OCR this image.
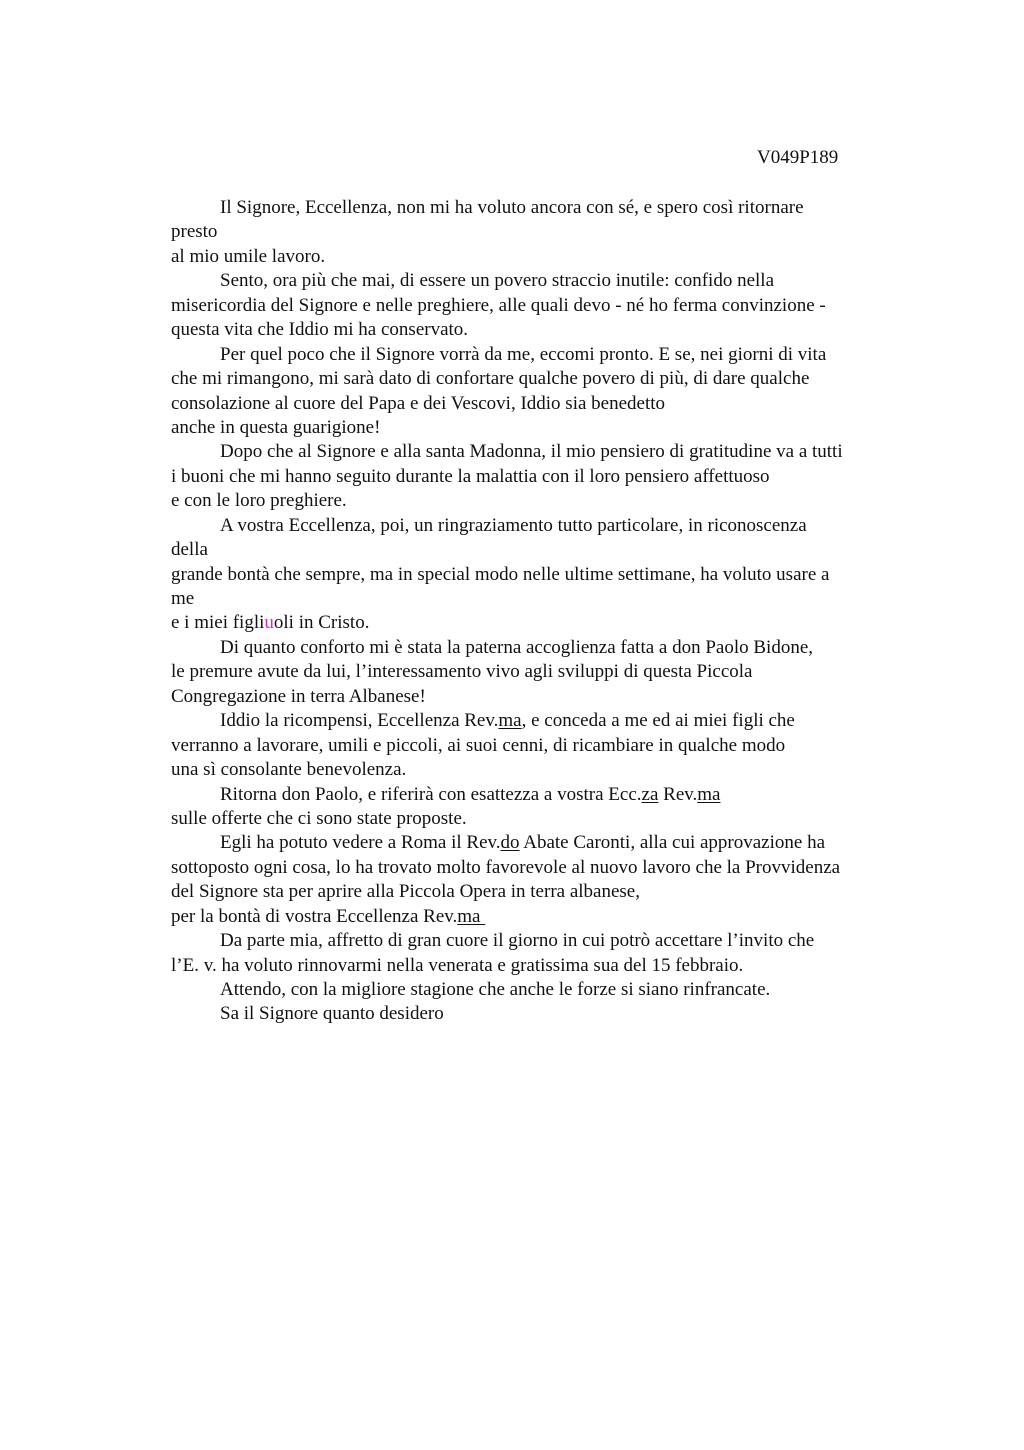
V049P189
Il Signore, Eccellenza, non mi ha voluto ancora con sé, e spero così ritornare
presto
al mio umile lavoro.
Sento, ora più che mai, di essere un povero straccio inutile: confido nella
misericordia del Signore e nelle preghiere, alle quali devo - né ho ferma convinzione -
questa vita che Iddio mi ha conservato.
Per quel poco che il Signore vorrà da me, eccomi pronto. E se, nei giorni di vita
che mi rimangono, mi sarà dato di confortare qualche povero di più, di dare qualche
consolazione al cuore del Papa e dei Vescovi, Iddio sia benedetto
anche in questa guarigione!
Dopo che al Signore e alla santa Madonna, il mio pensiero di gratitudine va a tutti
i buoni che mi hanno seguito durante la malattia con il loro pensiero affettuoso
e con le loro preghiere.
A vostra Eccellenza, poi, un ringraziamento tutto particolare, in riconoscenza
della
grande bontà che sempre, ma in special modo nelle ultime settimane, ha voluto usare a
me
e i miei figliuoli in Cristo.
Di quanto conforto mi è stata la paterna accoglienza fatta a don Paolo Bidone,
le premure avute da lui, l’interessamento vivo agli sviluppi di questa Piccola
Congregazione in terra Albanese!
Iddio la ricompensi, Eccellenza Rev.ma, e conceda a me ed ai miei figli che
verranno a lavorare, umili e piccoli, ai suoi cenni, di ricambiare in qualche modo
una sì consolante benevolenza.
Ritorna don Paolo, e riferirà con esattezza a vostra Ecc.za Rev.ma
sulle offerte che ci sono state proposte.
Egli ha potuto vedere a Roma il Rev.do Abate Caronti, alla cui approvazione ha
sottoposto ogni cosa, lo ha trovato molto favorevole al nuovo lavoro che la Provvidenza
del Signore sta per aprire alla Piccola Opera in terra albanese,
per la bontà di vostra Eccellenza Rev.ma
Da parte mia, affretto di gran cuore il giorno in cui potrò accettare l’invito che
l’E. v. ha voluto rinnovarmi nella venerata e gratissima sua del 15 febbraio.
Attendo, con la migliore stagione che anche le forze si siano rinfrancate.
Sa il Signore quanto desidero
